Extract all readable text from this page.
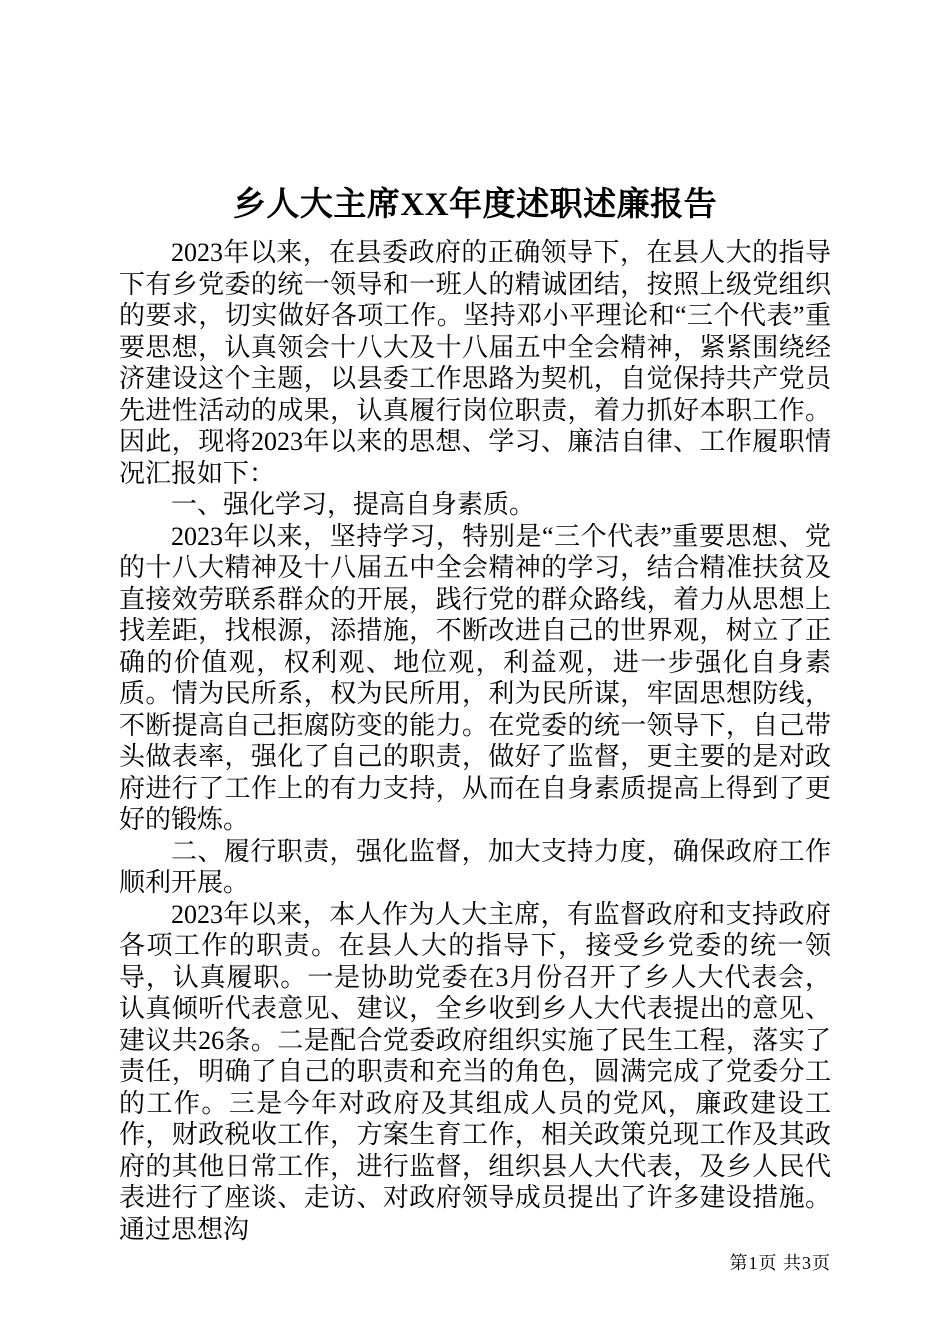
乡人大主席XX年度述职述廉报告

2023年以来，在县委政府的正确领导下，在县人大的指导下有乡党委的统一领导和一班人的精诚团结，按照上级党组织的要求，切实做好各项工作。坚持邓小平理论和“三个代表”重要思想，认真领会十八大及十八届五中全会精神，紧紧围绕经济建设这个主题，以县委工作思路为契机，自觉保持共产党员先进性活动的成果，认真履行岗位职责，着力抓好本职工作。因此，现将2023年以来的思想、学习、廉洁自律、工作履职情况汇报如下：

一、强化学习，提高自身素质。

2023年以来，坚持学习，特别是“三个代表”重要思想、党的十八大精神及十八届五中全会精神的学习，结合精准扶贫及直接效劳联系群众的开展，践行党的群众路线，着力从思想上找差距，找根源，添措施，不断改进自己的世界观，树立了正确的价值观，权利观、地位观，利益观，进一步强化自身素质。情为民所系，权为民所用，利为民所谋，牢固思想防线，不断提高自己拒腐防变的能力。在党委的统一领导下，自己带头做表率，强化了自己的职责，做好了监督，更主要的是对政府进行了工作上的有力支持，从而在自身素质提高上得到了更好的锻炼。

二、履行职责，强化监督，加大支持力度，确保政府工作顺利开展。

2023年以来，本人作为人大主席，有监督政府和支持政府各项工作的职责。在县人大的指导下，接受乡党委的统一领导，认真履职。一是协助党委在3月份召开了乡人大代表会，认真倾听代表意见、建议，全乡收到乡人大代表提出的意见、建议共26条。二是配合党委政府组织实施了民生工程，落实了责任，明确了自己的职责和充当的角色，圆满完成了党委分工的工作。三是今年对政府及其组成人员的党风，廉政建设工作，财政税收工作，方案生育工作，相关政策兑现工作及其政府的其他日常工作，进行监督，组织县人大代表，及乡人民代表进行了座谈、走访、对政府领导成员提出了许多建设措施。通过思想沟

第1页 共3页
